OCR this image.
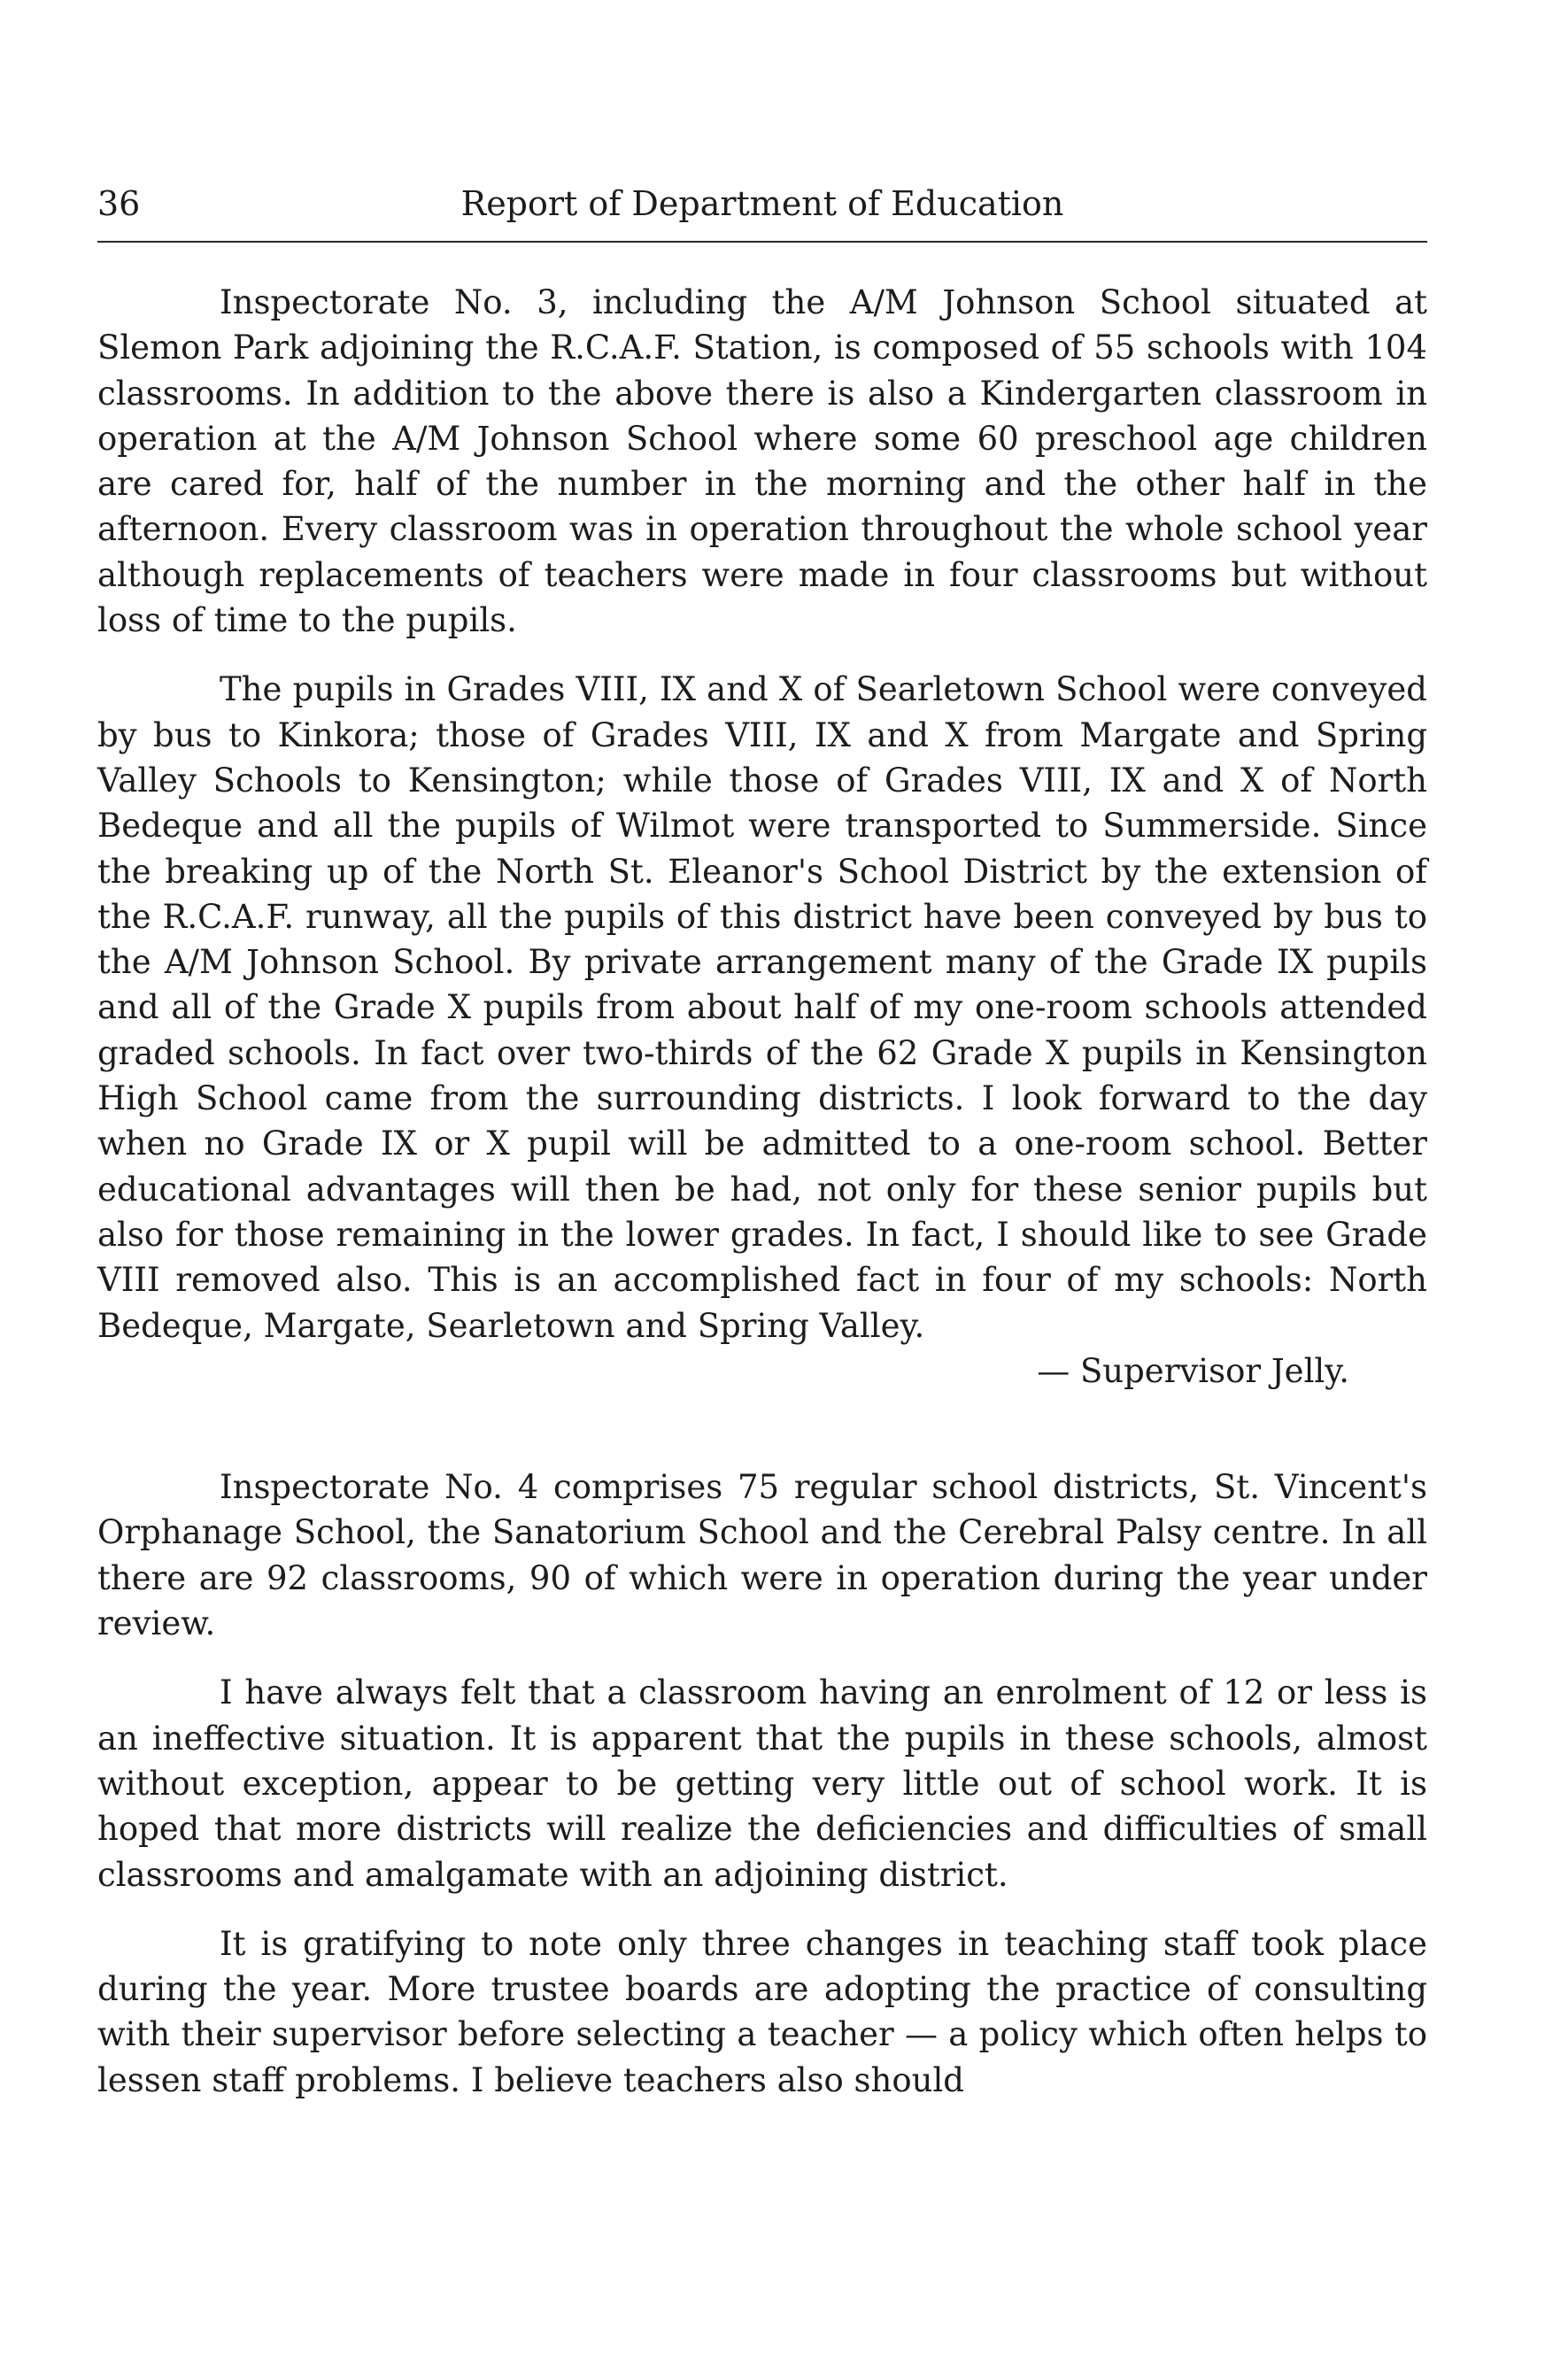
36	Report of Department of Education

Inspectorate No. 3, including the A/M Johnson School situated at Slemon Park adjoining the R.C.A.F. Station, is composed of 55 schools with 104 classrooms. In addition to the above there is also a Kindergarten classroom in operation at the A/M Johnson School where some 60 preschool age children are cared for, half of the number in the morning and the other half in the afternoon. Every classroom was in operation throughout the whole school year although replacements of teachers were made in four classrooms but without loss of time to the pupils.

The pupils in Grades VIII, IX and X of Searletown School were conveyed by bus to Kinkora; those of Grades VIII, IX and X from Margate and Spring Valley Schools to Kensington; while those of Grades VIII, IX and X of North Bedeque and all the pupils of Wilmot were transported to Summerside. Since the breaking up of the North St. Eleanor's School District by the extension of the R.C.A.F. runway, all the pupils of this district have been conveyed by bus to the A/M Johnson School. By private arrangement many of the Grade IX pupils and all of the Grade X pupils from about half of my one-room schools attended graded schools. In fact over two-thirds of the 62 Grade X pupils in Kensington High School came from the surrounding districts. I look forward to the day when no Grade IX or X pupil will be admitted to a one-room school. Better educational advantages will then be had, not only for these senior pupils but also for those remaining in the lower grades. In fact, I should like to see Grade VIII removed also. This is an accomplished fact in four of my schools: North Bedeque, Margate, Searletown and Spring Valley.

— Supervisor Jelly.

Inspectorate No. 4 comprises 75 regular school districts, St. Vincent's Orphanage School, the Sanatorium School and the Cerebral Palsy centre. In all there are 92 classrooms, 90 of which were in operation during the year under review.

I have always felt that a classroom having an enrolment of 12 or less is an ineffective situation. It is apparent that the pupils in these schools, almost without exception, appear to be getting very little out of school work. It is hoped that more districts will realize the deficiencies and difficulties of small classrooms and amalgamate with an adjoining district.

It is gratifying to note only three changes in teaching staff took place during the year. More trustee boards are adopting the practice of consulting with their supervisor before selecting a teacher — a policy which often helps to lessen staff problems. I believe teachers also should
